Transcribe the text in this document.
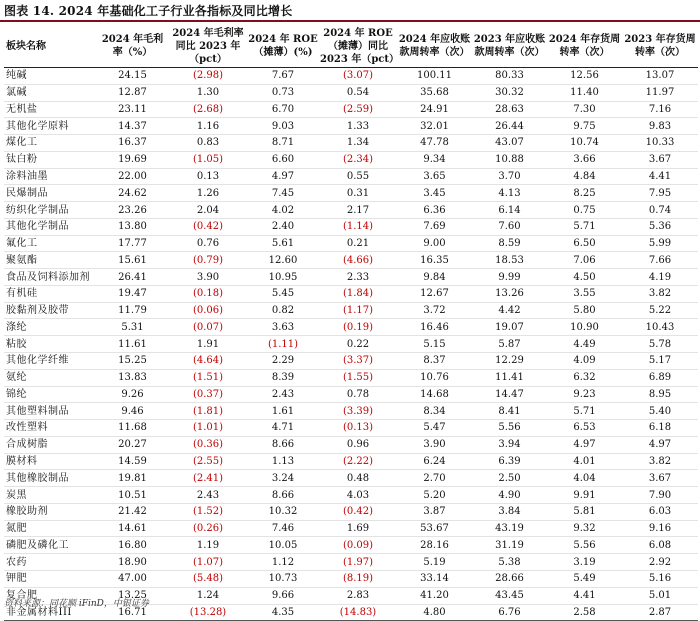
图表 14. 2024 年基础化工子行业各指标及同比增长
板块名称	2024 年毛利率（%）	2024 年毛利率同比 2023 年（pct）	2024 年 ROE（摊薄）(%)	2024 年 ROE（摊薄）同比 2023 年（pct）	2024 年应收账款周转率（次）	2023 年应收账款周转率（次）	2024 年存货周转率（次）	2023 年存货周转率（次）
纯碱	24.15	(2.98)	7.67	(3.07)	100.11	80.33	12.56	13.07
氯碱	12.87	1.30	0.73	0.54	35.68	30.32	11.40	11.97
无机盐	23.11	(2.68)	6.70	(2.59)	24.91	28.63	7.30	7.16
其他化学原料	14.37	1.16	9.03	1.33	32.01	26.44	9.75	9.83
煤化工	16.37	0.83	8.71	1.34	47.78	43.07	10.74	10.33
钛白粉	19.69	(1.05)	6.60	(2.34)	9.34	10.88	3.66	3.67
涂料油墨	22.00	0.13	4.97	0.55	3.65	3.70	4.84	4.41
民爆制品	24.62	1.26	7.45	0.31	3.45	4.13	8.25	7.95
纺织化学制品	23.26	2.04	4.02	2.17	6.36	6.14	0.75	0.74
其他化学制品	13.80	(0.42)	2.40	(1.14)	7.69	7.60	5.71	5.36
氟化工	17.77	0.76	5.61	0.21	9.00	8.59	6.50	5.99
聚氨酯	15.61	(0.79)	12.60	(4.66)	16.35	18.53	7.06	7.66
食品及饲料添加剂	26.41	3.90	10.95	2.33	9.84	9.99	4.50	4.19
有机硅	19.47	(0.18)	5.45	(1.84)	12.67	13.26	3.55	3.82
胶黏剂及胶带	11.79	(0.06)	0.82	(1.17)	3.72	4.42	5.80	5.22
涤纶	5.31	(0.07)	3.63	(0.19)	16.46	19.07	10.90	10.43
粘胶	11.61	1.91	(1.11)	0.22	5.15	5.87	4.49	5.78
其他化学纤维	15.25	(4.64)	2.29	(3.37)	8.37	12.29	4.09	5.17
氨纶	13.83	(1.51)	8.39	(1.55)	10.76	11.41	6.32	6.89
锦纶	9.26	(0.37)	2.43	0.78	14.68	14.47	9.23	8.95
其他塑料制品	9.46	(1.81)	1.61	(3.39)	8.34	8.41	5.71	5.40
改性塑料	11.68	(1.01)	4.71	(0.13)	5.47	5.56	6.53	6.18
合成树脂	20.27	(0.36)	8.66	0.96	3.90	3.94	4.97	4.97
膜材料	14.59	(2.55)	1.13	(2.22)	6.24	6.39	4.01	3.82
其他橡胶制品	19.81	(2.41)	3.24	0.48	2.70	2.50	4.04	3.67
炭黑	10.51	2.43	8.66	4.03	5.20	4.90	9.91	7.90
橡胶助剂	21.42	(1.52)	10.32	(0.42)	3.87	3.84	5.81	6.03
氮肥	14.61	(0.26)	7.46	1.69	53.67	43.19	9.32	9.16
磷肥及磷化工	16.80	1.19	10.05	(0.09)	28.16	31.19	5.56	6.08
农药	18.90	(1.07)	1.12	(1.97)	5.19	5.38	3.19	2.92
钾肥	47.00	(5.48)	10.73	(8.19)	33.14	28.66	5.49	5.16
复合肥	13.25	1.24	9.66	2.83	41.20	43.45	4.41	5.01
非金属材料III	16.71	(13.28)	4.35	(14.83)	4.80	6.76	2.58	2.87
资料来源：同花顺 iFinD，中银证券
